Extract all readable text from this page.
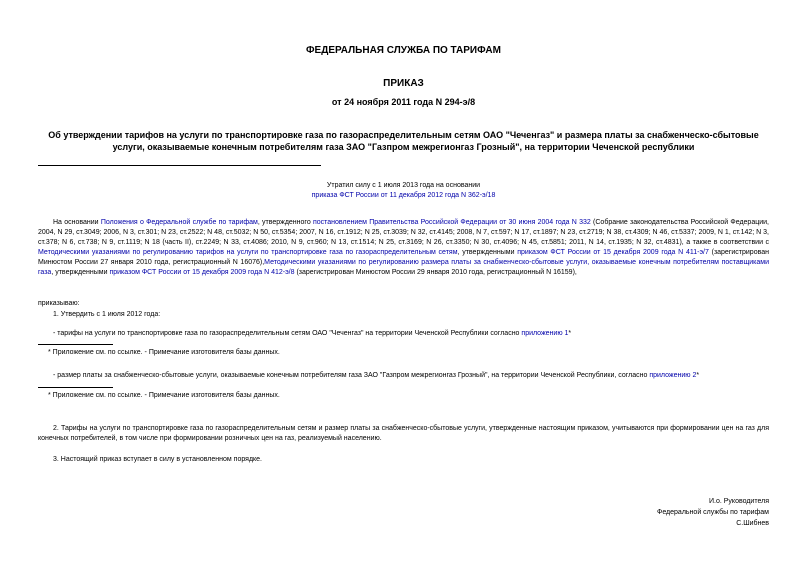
ФЕДЕРАЛЬНАЯ СЛУЖБА ПО ТАРИФАМ
ПРИКАЗ
от 24 ноября 2011 года N 294-э/8
Об утверждении тарифов на услуги по транспортировке газа по газораспределительным сетям ОАО "Чеченгаз" и размера платы за снабженческо-сбытовые услуги, оказываемые конечным потребителям газа ЗАО "Газпром межрегионгаз Грозный", на территории Чеченской республики
Утратил силу с 1 июля 2013 года на основании
приказа ФСТ России от 11 декабря 2012 года N 362-э/18
На основании Положения о Федеральной службе по тарифам, утвержденного постановлением Правительства Российской Федерации от 30 июня 2004 года N 332 (Собрание законодательства Российской Федерации, 2004, N 29, ст.3049; 2006, N 3, ст.301; N 23, ст.2522; N 48, ст.5032; N 50, ст.5354; 2007, N 16, ст.1912; N 25, ст.3039; N 32, ст.4145; 2008, N 7, ст.597; N 17, ст.1897; N 23, ст.2719; N 38, ст.4309; N 46, ст.5337; 2009, N 1, ст.142; N 3, ст.378; N 6, ст.738; N 9, ст.1119; N 18 (часть II), ст.2249; N 33, ст.4086; 2010, N 9, ст.960; N 13, ст.1514; N 25, ст.3169; N 26, ст.3350; N 30, ст.4096; N 45, ст.5851; 2011, N 14, ст.1935; N 32, ст.4831), а также в соответствии с Методическими указаниями по регулированию тарифов на услуги по транспортировке газа по газораспределительным сетям, утвержденными приказом ФСТ России от 15 декабря 2009 года N 411-э/7 (зарегистрирован Минюстом России 27 января 2010 года, регистрационный N 16076),Методическими указаниями по регулированию размера платы за снабженческо-сбытовые услуги, оказываемые конечным потребителям поставщиками газа, утвержденными приказом ФСТ России от 15 декабря 2009 года N 412-э/8 (зарегистрирован Минюстом России 29 января 2010 года, регистрационный N 16159),
приказываю:
1. Утвердить с 1 июля 2012 года:
- тарифы на услуги по транспортировке газа по газораспределительным сетям ОАО "Чеченгаз" на территории Чеченской Республики согласно приложению 1*
* Приложение см. по ссылке. - Примечание изготовителя базы данных.
- размер платы за снабженческо-сбытовые услуги, оказываемые конечным потребителям газа ЗАО "Газпром межрегионгаз Грозный", на территории Чеченской Республики, согласно приложению 2*
* Приложение см. по ссылке. - Примечание изготовителя базы данных.
2. Тарифы на услуги по транспортировке газа по газораспределительным сетям и размер платы за снабженческо-сбытовые услуги, утвержденные настоящим приказом, учитываются при формировании цен на газ для конечных потребителей, в том числе при формировании розничных цен на газ, реализуемый населению.
3. Настоящий приказ вступает в силу в установленном порядке.
И.о. Руководителя
Федеральной службы по тарифам
С.Шибнев
